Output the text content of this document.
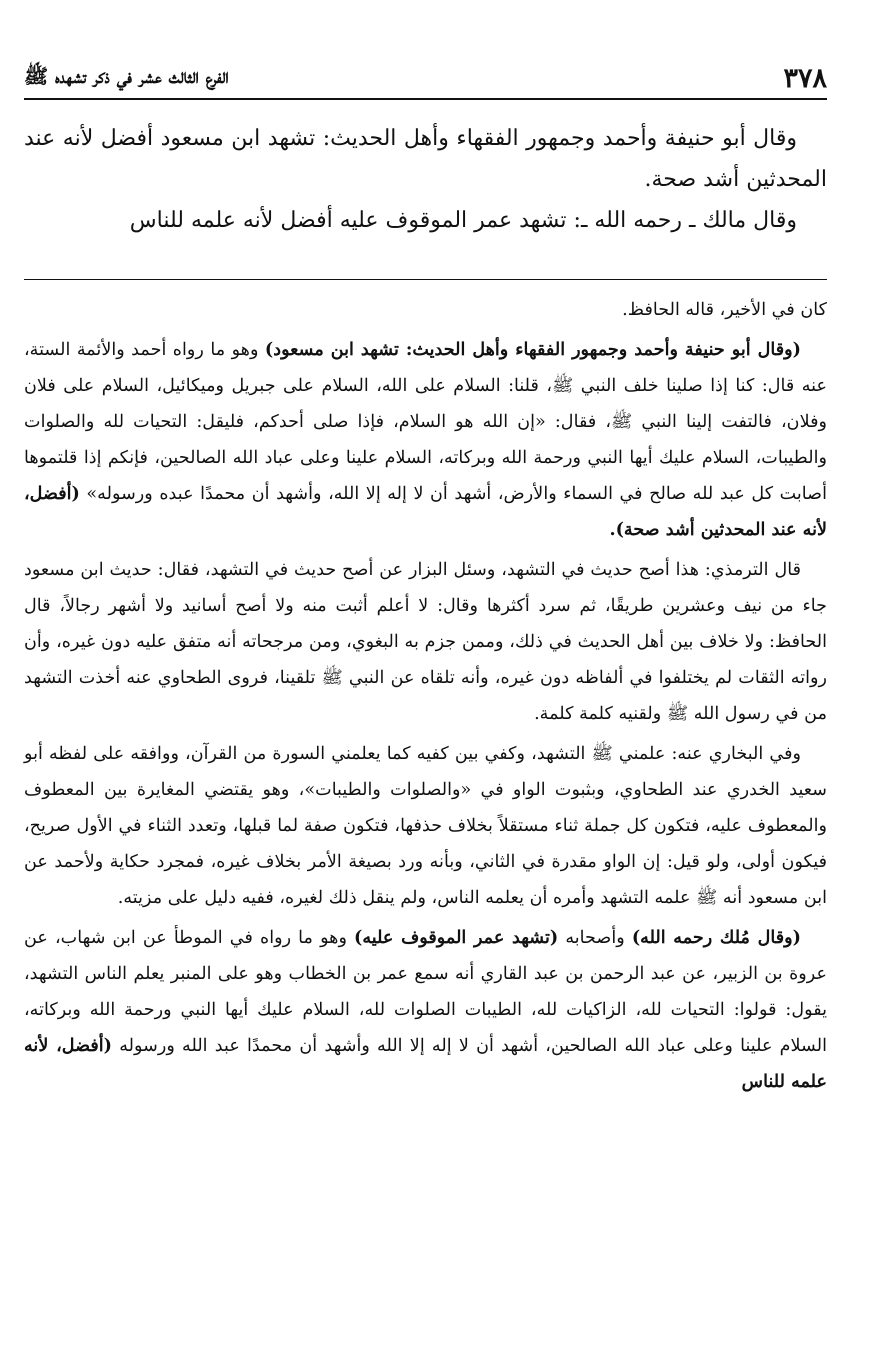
٣٧٨
الفرع الثالث عشر في ذكر تشهده ﷺ

وقال أبو حنيفة وأحمد وجمهور الفقهاء وأهل الحديث: تشهد ابن مسعود أفضل لأنه عند المحدثين أشد صحة.

وقال مالك ـ رحمه الله ـ: تشهد عمر الموقوف عليه أفضل لأنه علمه للناس

كان في الأخير، قاله الحافظ.

(وقال أبو حنيفة وأحمد وجمهور الفقهاء وأهل الحديث: تشهد ابن مسعود) وهو ما رواه أحمد والأئمة الستة، عنه قال: كنا إذا صلينا خلف النبي ﷺ، قلنا: السلام على الله، السلام على جبريل وميكائيل، السلام على فلان وفلان، فالتفت إلينا النبي ﷺ، فقال: «إن الله هو السلام، فإذا صلى أحدكم، فليقل: التحيات لله والصلوات والطيبات، السلام عليك أيها النبي ورحمة الله وبركاته، السلام علينا وعلى عباد الله الصالحين، فإنكم إذا قلتموها أصابت كل عبد لله صالح في السماء والأرض، أشهد أن لا إله إلا الله، وأشهد أن محمدًا عبده ورسوله» (أفضل، لأنه عند المحدثين أشد صحة).

قال الترمذي: هذا أصح حديث في التشهد، وسئل البزار عن أصح حديث في التشهد، فقال: حديث ابن مسعود جاء من نيف وعشرين طريقًا، ثم سرد أكثرها وقال: لا أعلم أثبت منه ولا أصح أسانيد ولا أشهر رجالاً، قال الحافظ: ولا خلاف بين أهل الحديث في ذلك، وممن جزم به البغوي، ومن مرجحاته أنه متفق عليه دون غيره، وأن رواته الثقات لم يختلفوا في ألفاظه دون غيره، وأنه تلقاه عن النبي ﷺ تلقينا، فروى الطحاوي عنه أخذت التشهد من في رسول الله ﷺ ولقنيه كلمة كلمة.

وفي البخاري عنه: علمني ﷺ التشهد، وكفي بين كفيه كما يعلمني السورة من القرآن، ووافقه على لفظه أبو سعيد الخدري عند الطحاوي، وبثبوت الواو في «والصلوات والطيبات»، وهو يقتضي المغايرة بين المعطوف والمعطوف عليه، فتكون كل جملة ثناء مستقلاً بخلاف حذفها، فتكون صفة لما قبلها، وتعدد الثناء في الأول صريح، فيكون أولى، ولو قيل: إن الواو مقدرة في الثاني، وبأنه ورد بصيغة الأمر بخلاف غيره، فمجرد حكاية ولأحمد عن ابن مسعود أنه ﷺ علمه التشهد وأمره أن يعلمه الناس، ولم ينقل ذلك لغيره، ففيه دليل على مزيته.

(وقال مُلك رحمه الله) وأصحابه (تشهد عمر الموقوف عليه) وهو ما رواه في الموطأ عن ابن شهاب، عن عروة بن الزبير، عن عبد الرحمن بن عبد القاري أنه سمع عمر بن الخطاب وهو على المنبر يعلم الناس التشهد، يقول: قولوا: التحيات لله، الزاكيات لله، الطيبات الصلوات لله، السلام عليك أيها النبي ورحمة الله وبركاته، السلام علينا وعلى عباد الله الصالحين، أشهد أن لا إله إلا الله وأشهد أن محمدًا عبد الله ورسوله (أفضل، لأنه علمه للناس
